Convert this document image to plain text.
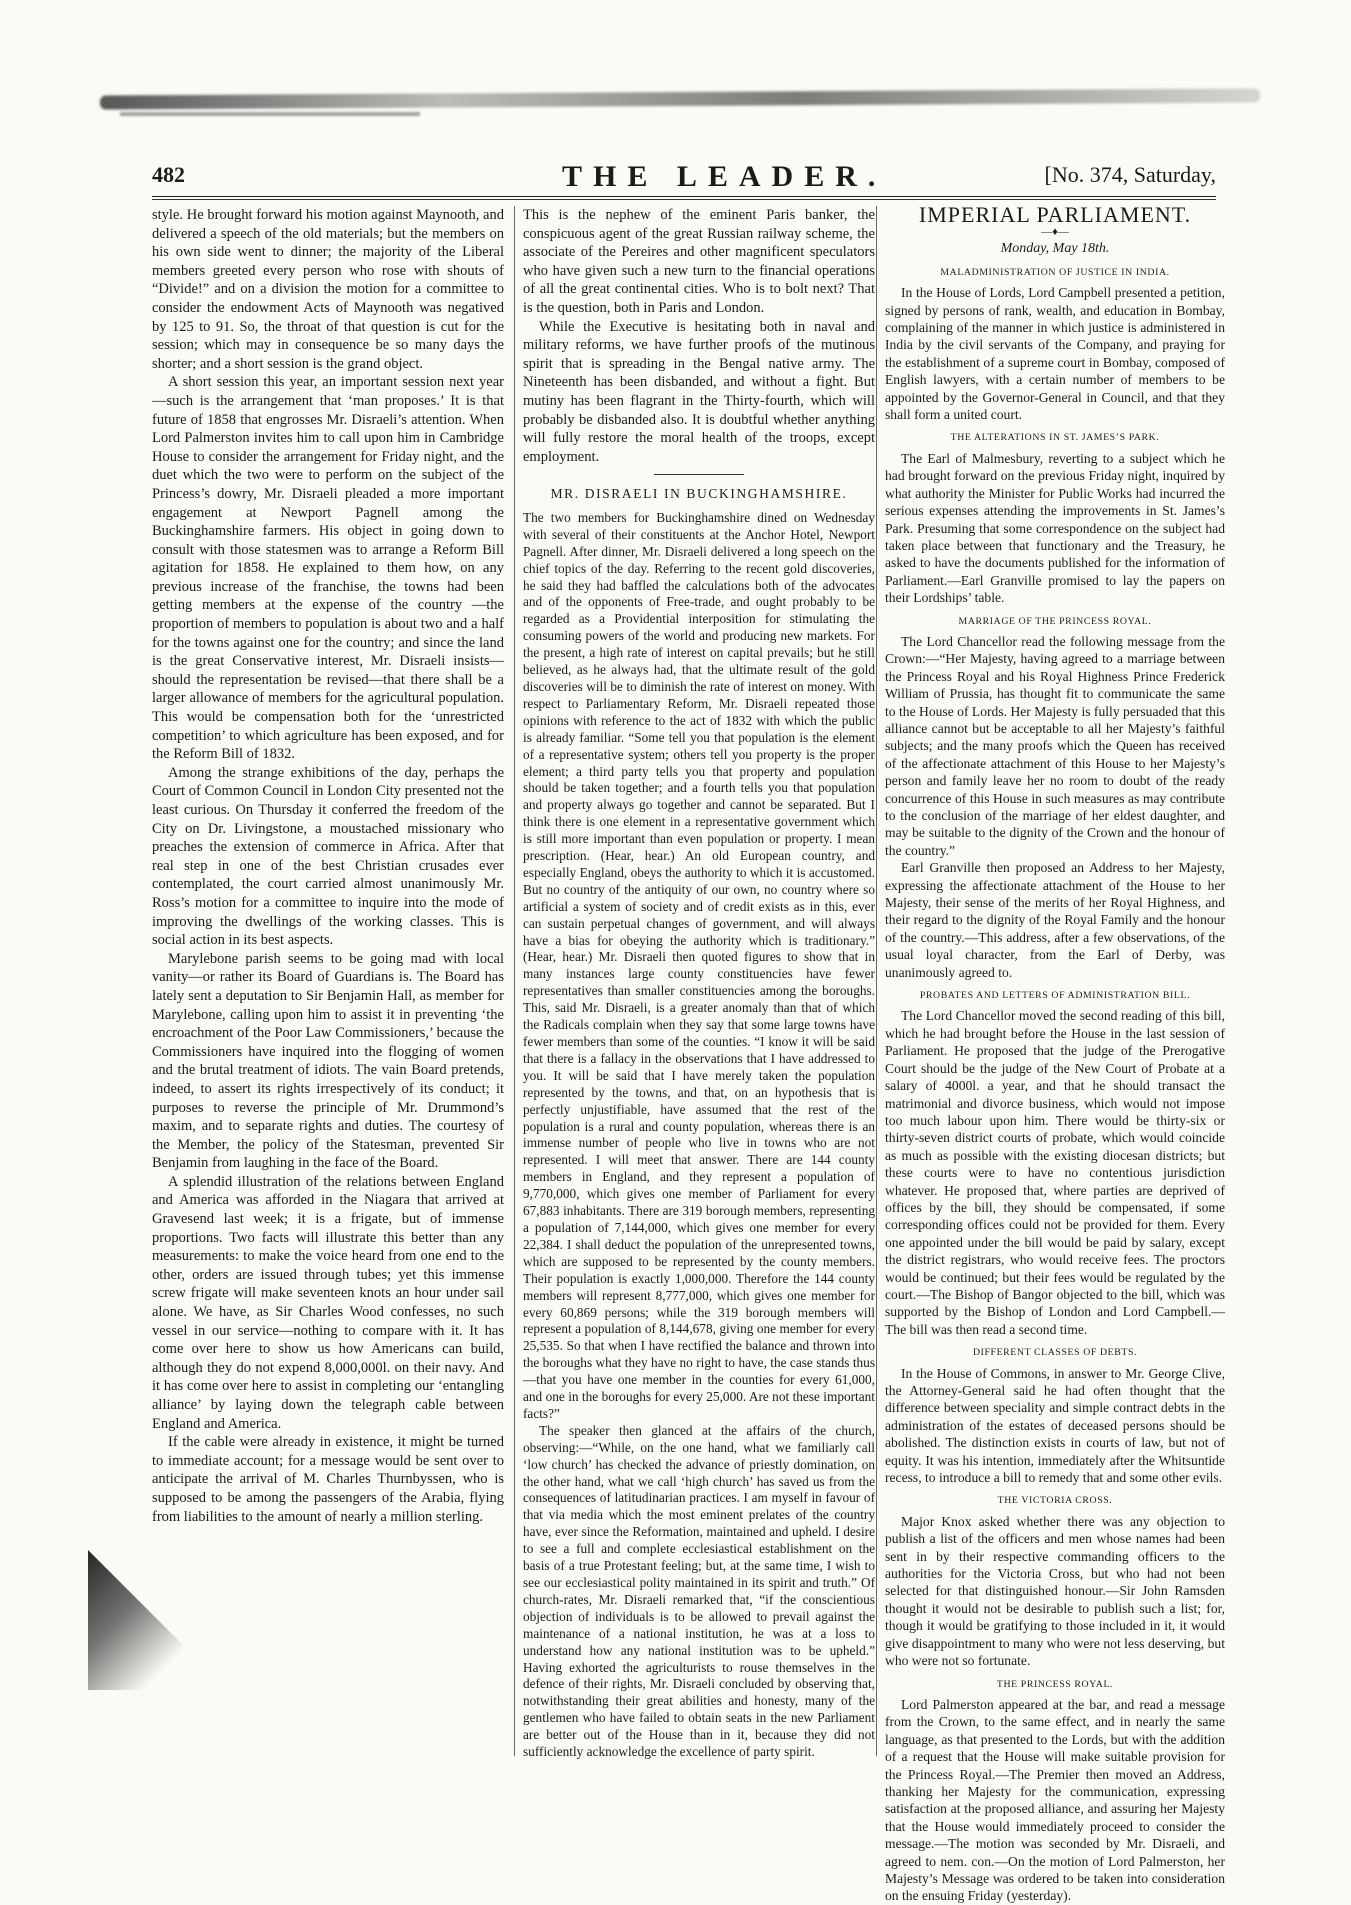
482	THE LEADER.	[No. 374, Saturday,

style. He brought forward his motion against Maynooth, and delivered a speech of the old materials; but the members on his own side went to dinner; the majority of the Liberal members greeted every person who rose with shouts of “Divide!” and on a division the motion for a committee to consider the endowment Acts of Maynooth was negatived by 125 to 91. So, the throat of that question is cut for the session; which may in consequence be so many days the shorter; and a short session is the grand object.

A short session this year, an important session next year—such is the arrangement that ‘man proposes.’ It is that future of 1858 that engrosses Mr. Disraeli’s attention. When Lord Palmerston invites him to call upon him in Cambridge House to consider the arrangement for Friday night, and the duet which the two were to perform on the subject of the Princess’s dowry, Mr. Disraeli pleaded a more important engagement at Newport Pagnell among the Buckinghamshire farmers. His object in going down to consult with those statesmen was to arrange a Reform Bill agitation for 1858. He explained to them how, on any previous increase of the franchise, the towns had been getting members at the expense of the country —the proportion of members to population is about two and a half for the towns against one for the country; and since the land is the great Conservative interest, Mr. Disraeli insists—should the representation be revised—that there shall be a larger allowance of members for the agricultural population. This would be compensation both for the ‘unrestricted competition’ to which agriculture has been exposed, and for the Reform Bill of 1832.

Among the strange exhibitions of the day, perhaps the Court of Common Council in London City presented not the least curious. On Thursday it conferred the freedom of the City on Dr. Livingstone, a moustached missionary who preaches the extension of commerce in Africa. After that real step in one of the best Christian crusades ever contemplated, the court carried almost unanimously Mr. Ross’s motion for a committee to inquire into the mode of improving the dwellings of the working classes. This is social action in its best aspects.

Marylebone parish seems to be going mad with local vanity—or rather its Board of Guardians is. The Board has lately sent a deputation to Sir Benjamin Hall, as member for Marylebone, calling upon him to assist it in preventing ‘the encroachment of the Poor Law Commissioners,’ because the Commissioners have inquired into the flogging of women and the brutal treatment of idiots. The vain Board pretends, indeed, to assert its rights irrespectively of its conduct; it purposes to reverse the principle of Mr. Drummond’s maxim, and to separate rights and duties. The courtesy of the Member, the policy of the Statesman, prevented Sir Benjamin from laughing in the face of the Board.

A splendid illustration of the relations between England and America was afforded in the Niagara that arrived at Gravesend last week; it is a frigate, but of immense proportions. Two facts will illustrate this better than any measurements: to make the voice heard from one end to the other, orders are issued through tubes; yet this immense screw frigate will make seventeen knots an hour under sail alone. We have, as Sir Charles Wood confesses, no such vessel in our service—nothing to compare with it. It has come over here to show us how Americans can build, although they do not expend 8,000,000l. on their navy. And it has come over here to assist in completing our ‘entangling alliance’ by laying down the telegraph cable between England and America.

If the cable were already in existence, it might be turned to immediate account; for a message would be sent over to anticipate the arrival of M. Charles Thurnbyssen, who is supposed to be among the passengers of the Arabia, flying from liabilities to the amount of nearly a million sterling.

This is the nephew of the eminent Paris banker, the conspicuous agent of the great Russian railway scheme, the associate of the Pereires and other magnificent speculators who have given such a new turn to the financial operations of all the great continental cities. Who is to bolt next? That is the question, both in Paris and London.

While the Executive is hesitating both in naval and military reforms, we have further proofs of the mutinous spirit that is spreading in the Bengal native army. The Nineteenth has been disbanded, and without a fight. But mutiny has been flagrant in the Thirty-fourth, which will probably be disbanded also. It is doubtful whether anything will fully restore the moral health of the troops, except employment.

MR. DISRAELI IN BUCKINGHAMSHIRE.

The two members for Buckinghamshire dined on Wednesday with several of their constituents at the Anchor Hotel, Newport Pagnell. After dinner, Mr. Disraeli delivered a long speech on the chief topics of the day. Referring to the recent gold discoveries, he said they had baffled the calculations both of the advocates and of the opponents of Free-trade, and ought probably to be regarded as a Providential interposition for stimulating the consuming powers of the world and producing new markets. For the present, a high rate of interest on capital prevails; but he still believed, as he always had, that the ultimate result of the gold discoveries will be to diminish the rate of interest on money. With respect to Parliamentary Reform, Mr. Disraeli repeated those opinions with reference to the act of 1832 with which the public is already familiar. “Some tell you that population is the element of a representative system; others tell you property is the proper element; a third party tells you that property and population should be taken together; and a fourth tells you that population and property always go together and cannot be separated. But I think there is one element in a representative government which is still more important than even population or property. I mean prescription. (Hear, hear.) An old European country, and especially England, obeys the authority to which it is accustomed. But no country of the antiquity of our own, no country where so artificial a system of society and of credit exists as in this, ever can sustain perpetual changes of government, and will always have a bias for obeying the authority which is traditionary.” (Hear, hear.) Mr. Disraeli then quoted figures to show that in many instances large county constituencies have fewer representatives than smaller constituencies among the boroughs. This, said Mr. Disraeli, is a greater anomaly than that of which the Radicals complain when they say that some large towns have fewer members than some of the counties. “I know it will be said that there is a fallacy in the observations that I have addressed to you. It will be said that I have merely taken the population represented by the towns, and that, on an hypothesis that is perfectly unjustifiable, have assumed that the rest of the population is a rural and county population, whereas there is an immense number of people who live in towns who are not represented. I will meet that answer. There are 144 county members in England, and they represent a population of 9,770,000, which gives one member of Parliament for every 67,883 inhabitants. There are 319 borough members, representing a population of 7,144,000, which gives one member for every 22,384. I shall deduct the population of the unrepresented towns, which are supposed to be represented by the county members. Their population is exactly 1,000,000. Therefore the 144 county members will represent 8,777,000, which gives one member for every 60,869 persons; while the 319 borough members will represent a population of 8,144,678, giving one member for every 25,535. So that when I have rectified the balance and thrown into the boroughs what they have no right to have, the case stands thus—that you have one member in the counties for every 61,000, and one in the boroughs for every 25,000. Are not these important facts?”

The speaker then glanced at the affairs of the church, observing:—“While, on the one hand, what we familiarly call ‘low church’ has checked the advance of priestly domination, on the other hand, what we call ‘high church’ has saved us from the consequences of latitudinarian practices. I am myself in favour of that via media which the most eminent prelates of the country have, ever since the Reformation, maintained and upheld. I desire to see a full and complete ecclesiastical establishment on the basis of a true Protestant feeling; but, at the same time, I wish to see our ecclesiastical polity maintained in its spirit and truth.” Of church-rates, Mr. Disraeli remarked that, “if the conscientious objection of individuals is to be allowed to prevail against the maintenance of a national institution, he was at a loss to understand how any national institution was to be upheld.” Having exhorted the agriculturists to rouse themselves in the defence of their rights, Mr. Disraeli concluded by observing that, notwithstanding their great abilities and honesty, many of the gentlemen who have failed to obtain seats in the new Parliament are better out of the House than in it, because they did not sufficiently acknowledge the excellence of party spirit.

IMPERIAL PARLIAMENT.
—♦—
Monday, May 18th.
MALADMINISTRATION OF JUSTICE IN INDIA.

In the House of Lords, Lord Campbell presented a petition, signed by persons of rank, wealth, and education in Bombay, complaining of the manner in which justice is administered in India by the civil servants of the Company, and praying for the establishment of a supreme court in Bombay, composed of English lawyers, with a certain number of members to be appointed by the Governor-General in Council, and that they shall form a united court.

THE ALTERATIONS IN ST. JAMES’S PARK.

The Earl of Malmesbury, reverting to a subject which he had brought forward on the previous Friday night, inquired by what authority the Minister for Public Works had incurred the serious expenses attending the improvements in St. James’s Park. Presuming that some correspondence on the subject had taken place between that functionary and the Treasury, he asked to have the documents published for the information of Parliament.—Earl Granville promised to lay the papers on their Lordships’ table.

MARRIAGE OF THE PRINCESS ROYAL.

The Lord Chancellor read the following message from the Crown:—“Her Majesty, having agreed to a marriage between the Princess Royal and his Royal Highness Prince Frederick William of Prussia, has thought fit to communicate the same to the House of Lords. Her Majesty is fully persuaded that this alliance cannot but be acceptable to all her Majesty’s faithful subjects; and the many proofs which the Queen has received of the affectionate attachment of this House to her Majesty’s person and family leave her no room to doubt of the ready concurrence of this House in such measures as may contribute to the conclusion of the marriage of her eldest daughter, and may be suitable to the dignity of the Crown and the honour of the country.”

Earl Granville then proposed an Address to her Majesty, expressing the affectionate attachment of the House to her Majesty, their sense of the merits of her Royal Highness, and their regard to the dignity of the Royal Family and the honour of the country.—This address, after a few observations, of the usual loyal character, from the Earl of Derby, was unanimously agreed to.

PROBATES AND LETTERS OF ADMINISTRATION BILL.

The Lord Chancellor moved the second reading of this bill, which he had brought before the House in the last session of Parliament. He proposed that the judge of the Prerogative Court should be the judge of the New Court of Probate at a salary of 4000l. a year, and that he should transact the matrimonial and divorce business, which would not impose too much labour upon him. There would be thirty-six or thirty-seven district courts of probate, which would coincide as much as possible with the existing diocesan districts; but these courts were to have no contentious jurisdiction whatever. He proposed that, where parties are deprived of offices by the bill, they should be compensated, if some corresponding offices could not be provided for them. Every one appointed under the bill would be paid by salary, except the district registrars, who would receive fees. The proctors would be continued; but their fees would be regulated by the court.—The Bishop of Bangor objected to the bill, which was supported by the Bishop of London and Lord Campbell.—The bill was then read a second time.

DIFFERENT CLASSES OF DEBTS.

In the House of Commons, in answer to Mr. George Clive, the Attorney-General said he had often thought that the difference between speciality and simple contract debts in the administration of the estates of deceased persons should be abolished. The distinction exists in courts of law, but not of equity. It was his intention, immediately after the Whitsuntide recess, to introduce a bill to remedy that and some other evils.

THE VICTORIA CROSS.

Major Knox asked whether there was any objection to publish a list of the officers and men whose names had been sent in by their respective commanding officers to the authorities for the Victoria Cross, but who had not been selected for that distinguished honour.—Sir John Ramsden thought it would not be desirable to publish such a list; for, though it would be gratifying to those included in it, it would give disappointment to many who were not less deserving, but who were not so fortunate.

THE PRINCESS ROYAL.

Lord Palmerston appeared at the bar, and read a message from the Crown, to the same effect, and in nearly the same language, as that presented to the Lords, but with the addition of a request that the House will make suitable provision for the Princess Royal.—The Premier then moved an Address, thanking her Majesty for the communication, expressing satisfaction at the proposed alliance, and assuring her Majesty that the House would immediately proceed to consider the message.—The motion was seconded by Mr. Disraeli, and agreed to nem. con.—On the motion of Lord Palmerston, her Majesty’s Message was ordered to be taken into consideration on the ensuing Friday (yesterday).
